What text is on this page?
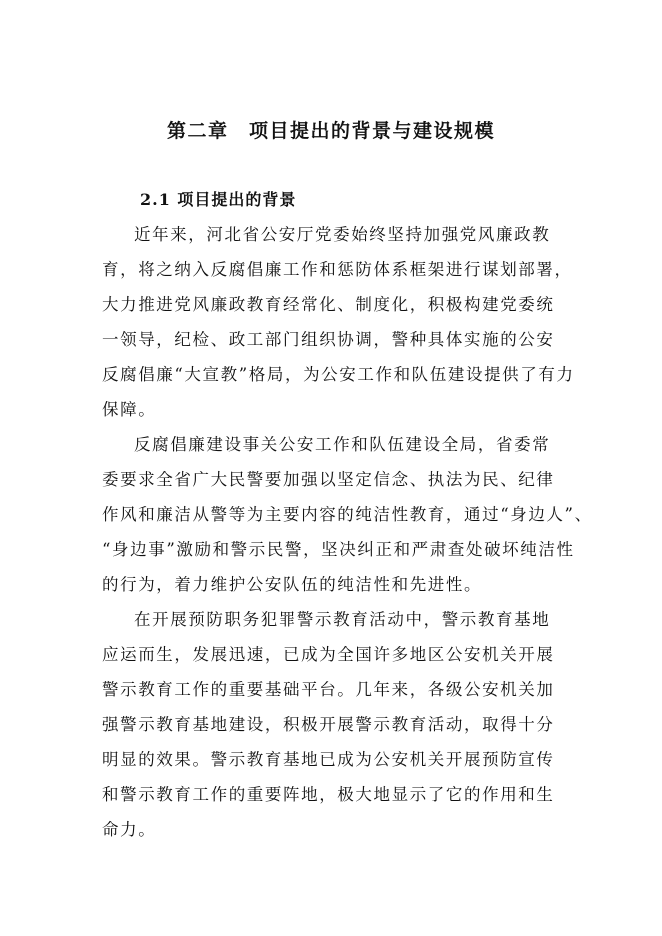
第二章　项目提出的背景与建设规模
2.1 项目提出的背景
近年来，河北省公安厅党委始终坚持加强党风廉政教
育，将之纳入反腐倡廉工作和惩防体系框架进行谋划部署，
大力推进党风廉政教育经常化、制度化，积极构建党委统
一领导，纪检、政工部门组织协调，警种具体实施的公安
反腐倡廉“大宣教”格局，为公安工作和队伍建设提供了有力
保障。
反腐倡廉建设事关公安工作和队伍建设全局，省委常
委要求全省广大民警要加强以坚定信念、执法为民、纪律
作风和廉洁从警等为主要内容的纯洁性教育，通过“身边人”、
“身边事”激励和警示民警，坚决纠正和严肃查处破坏纯洁性
的行为，着力维护公安队伍的纯洁性和先进性。
在开展预防职务犯罪警示教育活动中，警示教育基地
应运而生，发展迅速，已成为全国许多地区公安机关开展
警示教育工作的重要基础平台。几年来，各级公安机关加
强警示教育基地建设，积极开展警示教育活动，取得十分
明显的效果。警示教育基地已成为公安机关开展预防宣传
和警示教育工作的重要阵地，极大地显示了它的作用和生
命力。
